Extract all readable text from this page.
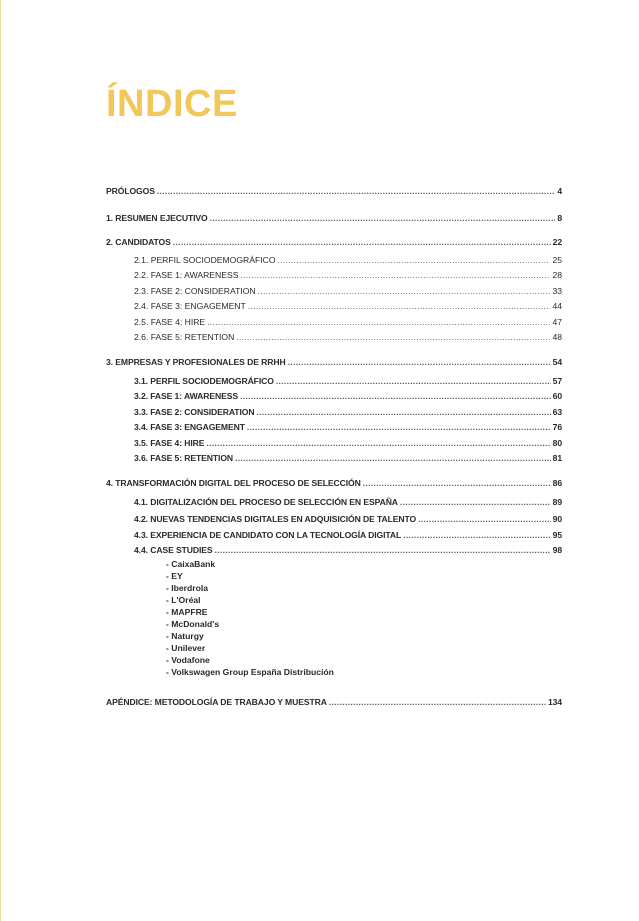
ÍNDICE
PRÓLOGOS .....	4
1. RESUMEN EJECUTIVO .....	8
2. CANDIDATOS .....	22
2.1. PERFIL SOCIODEMOGRÁFICO .....	25
2.2. FASE 1: AWARENESS .....	28
2.3. FASE 2: CONSIDERATION .....	33
2.4. FASE 3: ENGAGEMENT .....	44
2.5. FASE 4: HIRE .....	47
2.6. FASE 5: RETENTION .....	48
3. EMPRESAS Y PROFESIONALES DE RRHH .....	54
3.1. PERFIL SOCIODEMOGRÁFICO .....	57
3.2. FASE 1: AWARENESS .....	60
3.3. FASE 2: CONSIDERATION .....	63
3.4. FASE 3: ENGAGEMENT .....	76
3.5. FASE 4: HIRE .....	80
3.6. FASE 5: RETENTION .....	81
4. TRANSFORMACIÓN DIGITAL DEL PROCESO DE SELECCIÓN .....	86
4.1. DIGITALIZACIÓN DEL PROCESO DE SELECCIÓN EN ESPAÑA .....	89
4.2. NUEVAS TENDENCIAS DIGITALES EN ADQUISICIÓN DE TALENTO .....	90
4.3. EXPERIENCIA DE CANDIDATO CON LA TECNOLOGÍA DIGITAL .....	95
4.4. CASE STUDIES .....	98
- CaixaBank
- EY
- Iberdrola
- L'Oréal
- MAPFRE
- McDonald's
- Naturgy
- Unilever
- Vodafone
- Volkswagen Group España Distribución
APÉNDICE: METODOLOGÍA DE TRABAJO Y MUESTRA .....	134
